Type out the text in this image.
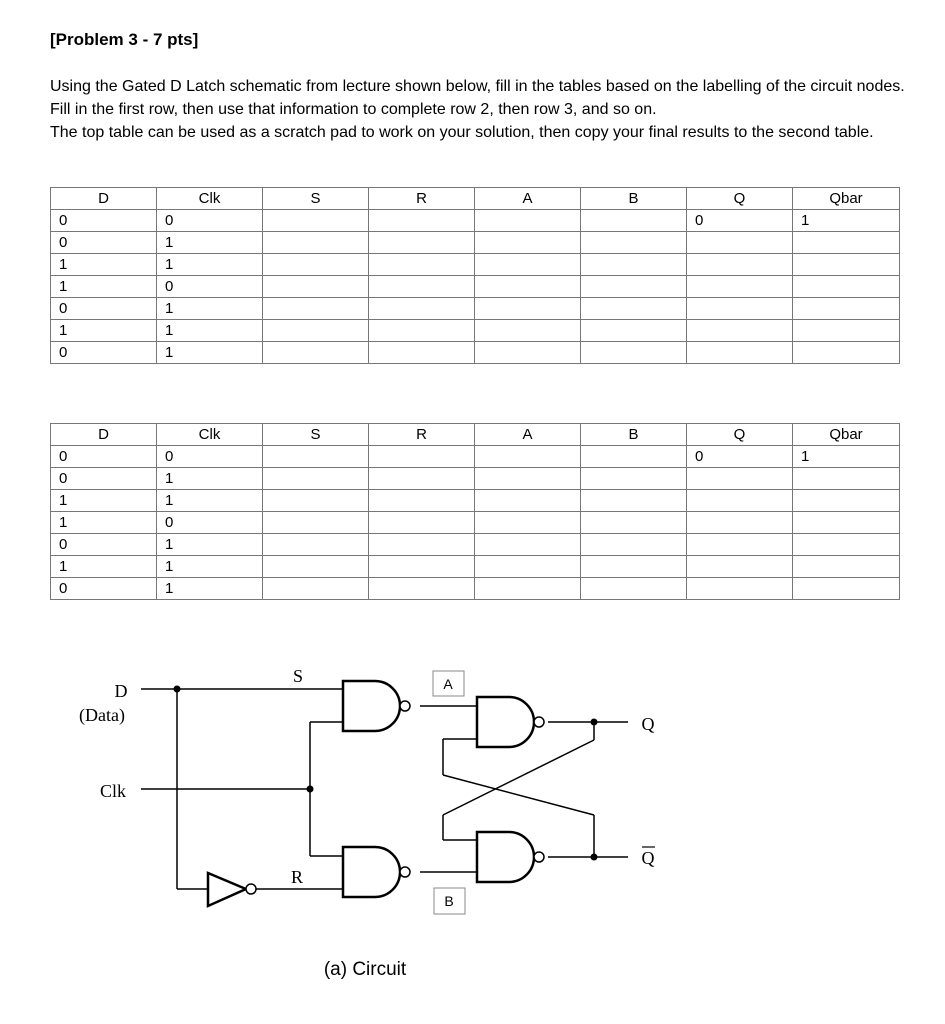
[Problem 3 - 7 pts]

Using the Gated D Latch schematic from lecture shown below, fill in the tables based on the labelling of the circuit nodes. Fill in the first row, then use that information to complete row 2, then row 3, and so on.

The top table can be used as a scratch pad to work on your solution, then copy your final results to the second table.

D	Clk	S	R	A	B	Q	Qbar
0	0					0	1
0	1						
1	1						
1	0						
0	1						
1	1						
0	1						
D	Clk	S	R	A	B	Q	Qbar
0	0					0	1
0	1						
1	1						
1	0						
0	1						
1	1						
0	1						
D
(Data)
Clk
S
R
Q
Q
A
B
(a) Circuit
